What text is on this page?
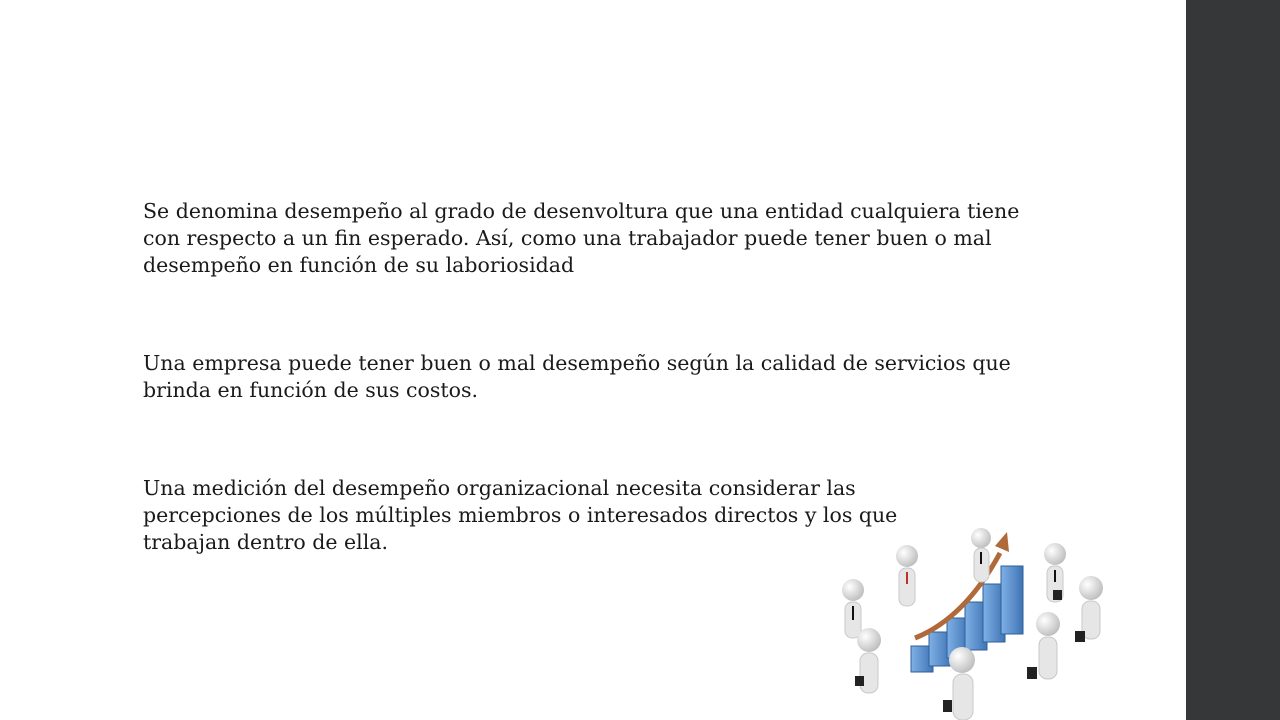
Se denomina desempeño al grado de desenvoltura que una entidad cualquiera tiene con respecto a un fin esperado. Así, como una trabajador puede tener buen o mal desempeño en función de su laboriosidad

Una empresa puede tener buen o mal desempeño según la calidad de servicios que brinda en función de sus costos.

Una medición del desempeño organizacional necesita considerar las percepciones de los múltiples miembros o interesados directos y los que trabajan dentro de ella.
